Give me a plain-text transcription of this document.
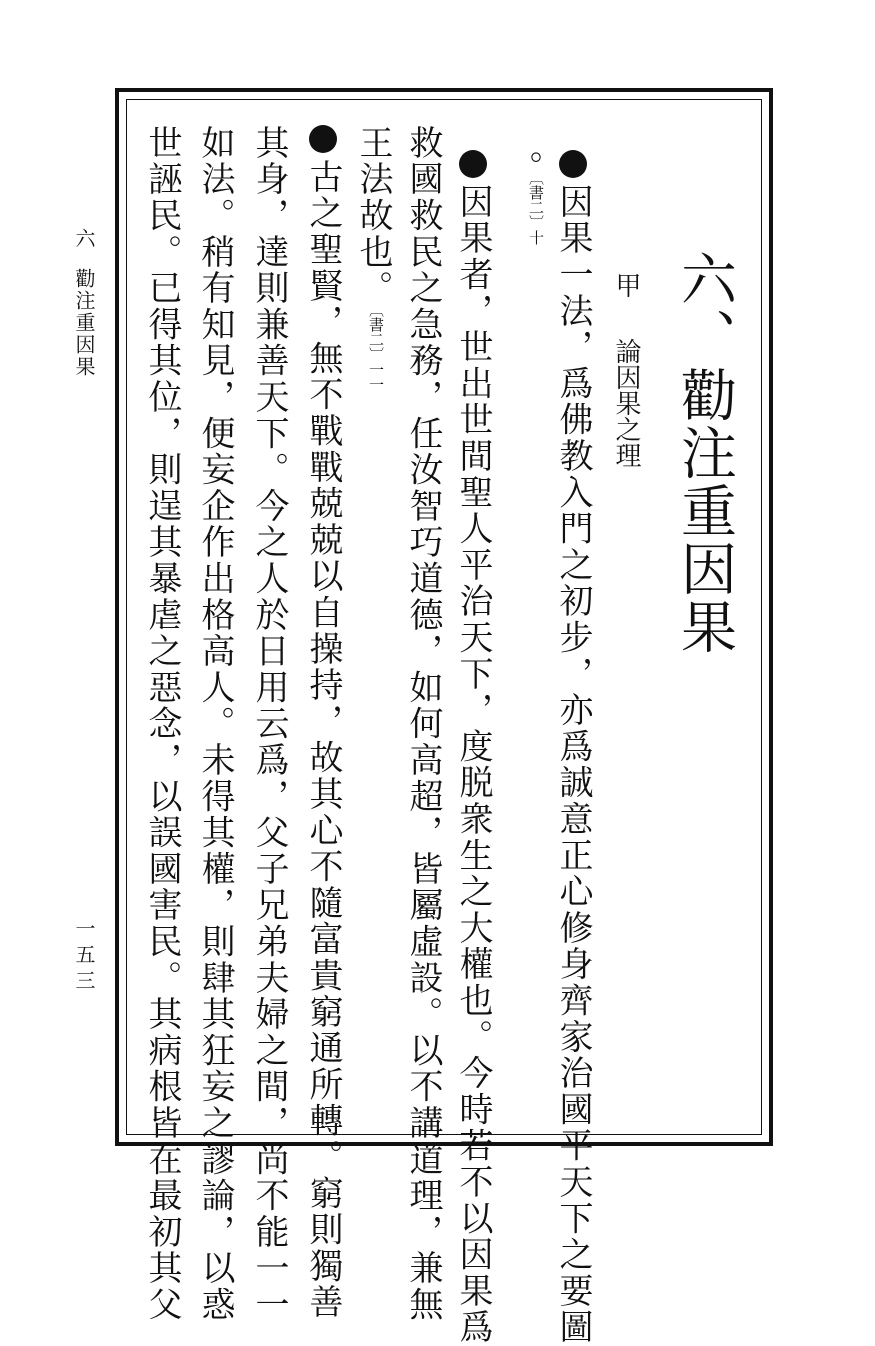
六勸注重因果
一五三
六、勸注重因果
甲論因果之理
因果一法，爲佛教入門之初步，亦爲誠意正心修身齊家治國平天下之要圖
。
〔書二〕十
因果者，世出世間聖人平治天下，度脱衆生之大權也。今時若不以因果爲
救國救民之急務，任汝智巧道德，如何高超，皆屬虛設。以不講道理，兼無
王法故也。
〔書二〕一一
古之聖賢，無不戰戰兢兢以自操持，故其心不隨富貴窮通所轉。窮則獨善
其身，達則兼善天下。今之人於日用云爲，父子兄弟夫婦之間，尚不能一一
如法。稍有知見，便妄企作出格高人。未得其權，則肆其狂妄之謬論，以惑
世誣民。已得其位，則逞其暴虐之惡念，以誤國害民。其病根皆在最初其父
